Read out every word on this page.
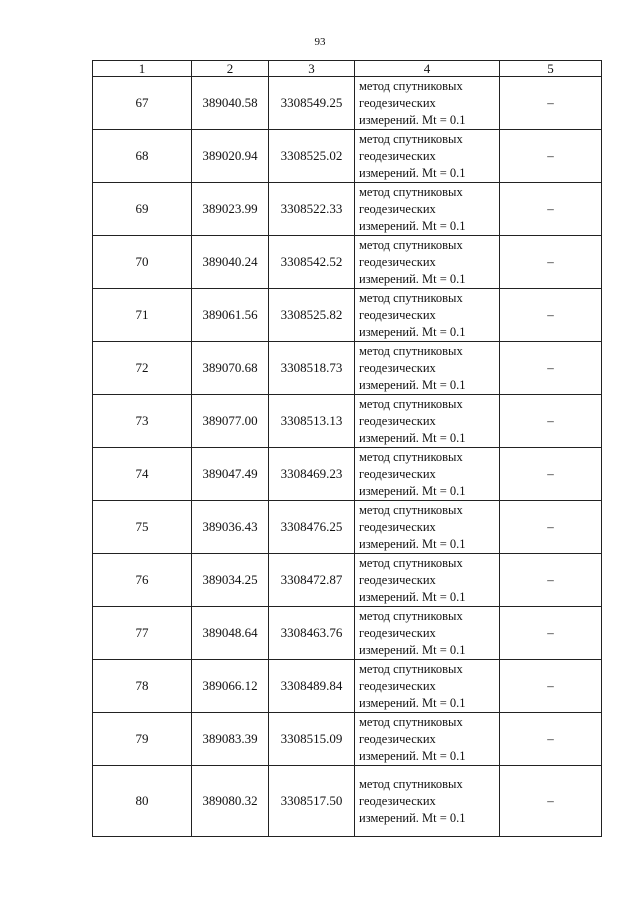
93
1	2	3	4	5
67	389040.58	3308549.25	метод спутниковых
геодезических
измерений. Mt = 0.1	–
68	389020.94	3308525.02	метод спутниковых
геодезических
измерений. Mt = 0.1	–
69	389023.99	3308522.33	метод спутниковых
геодезических
измерений. Mt = 0.1	–
70	389040.24	3308542.52	метод спутниковых
геодезических
измерений. Mt = 0.1	–
71	389061.56	3308525.82	метод спутниковых
геодезических
измерений. Mt = 0.1	–
72	389070.68	3308518.73	метод спутниковых
геодезических
измерений. Mt = 0.1	–
73	389077.00	3308513.13	метод спутниковых
геодезических
измерений. Mt = 0.1	–
74	389047.49	3308469.23	метод спутниковых
геодезических
измерений. Mt = 0.1	–
75	389036.43	3308476.25	метод спутниковых
геодезических
измерений. Mt = 0.1	–
76	389034.25	3308472.87	метод спутниковых
геодезических
измерений. Mt = 0.1	–
77	389048.64	3308463.76	метод спутниковых
геодезических
измерений. Mt = 0.1	–
78	389066.12	3308489.84	метод спутниковых
геодезических
измерений. Mt = 0.1	–
79	389083.39	3308515.09	метод спутниковых
геодезических
измерений. Mt = 0.1	–
80	389080.32	3308517.50	метод спутниковых
геодезических
измерений. Mt = 0.1	–
